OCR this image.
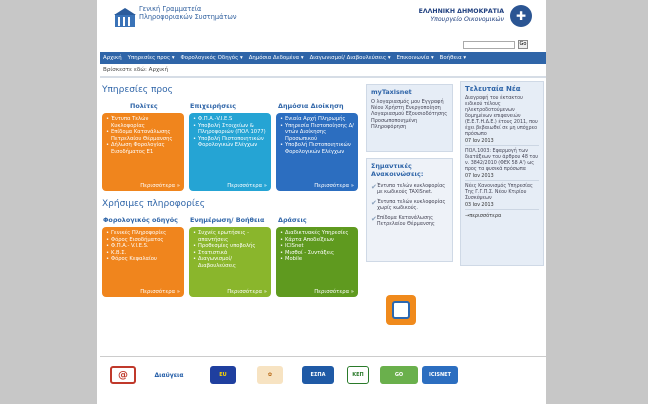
Γενική Γραμματεία
Πληροφοριακών Συστημάτων
ΕΛΛΗΝΙΚΗ ΔΗΜΟΚΡΑΤΙΑ
Υπουργείο Οικονομικών ✚
Go
Αρχική Υπηρεσίες προς ▾ Φορολογικός Οδηγός ▾ Δημόσια Δεδομένα ▾ Διαγωνισμοί/ Διαβουλεύσεις ▾ Επικοινωνία ▾ Βοήθεια ▾
Βρίσκεστε εδώ: Αρχική
Υπηρεσίες προς
Πολίτες
• Έντυπα Τελών Κυκλοφορίας
• Επίδομα Κατανάλωσης Πετρελαίου Θέρμανσης
• Δήλωση Φορολογίας Εισοδήματος Ε1
Περισσότερα »
Επιχειρήσεις
• Φ.Π.Α.-V.I.E.S
• Υποβολή Στοιχείων & Πληροφοριών (ΠΟΛ 1077)
• Υποβολή Πιστοποιητικών Φορολογικών Ελέγχων
Περισσότερα »
Δημόσια Διοίκηση
• Ενιαία Αρχή Πληρωμής
• Υπηρεσία Πιστοποίησης Δ/ντών Διοίκησης Προσωπικού
• Υποβολή Πιστοποιητικών Φορολογικών Ελέγχων
Περισσότερα »
Χρήσιμες πληροφορίες
Φορολογικός οδηγός
• Γενικές Πληροφορίες
• Φόρος Εισοδήματος
• Φ.Π.Α.- V.I.E.S.
• Κ.Β.Σ.
• Φόρος Κεφαλαίου
Περισσότερα »
Ενημέρωση/ Βοήθεια
• Συχνές ερωτήσεις - απαντήσεις
• Προθεσμίες υποβολής
• Στατιστικά
• Διαγωνισμοί/ Διαβουλεύσεις
Περισσότερα »
Δράσεις
• Διαδικτυακές Υπηρεσίες
• Κάρτα Αποδείξεων
• ICISnet
• Μισθοί - Συντάξεις
• Mobile
Περισσότερα »
myTaxisnet
Ο λογαριασμός μου Εγγραφή Νέου Χρήστη Ενεργοποίηση Λογαριασμού Εξουσιοδότησης Προσωποποιημένη Πληροφόρηση
Σημαντικές Ανακοινώσεις:
✔ Έντυπα τελών κυκλοφορίας με κωδικούς TAXISnet.
✔ Έντυπα τελών κυκλοφορίας χωρίς κωδικούς.
✔ Επίδομα Κατανάλωσης Πετρελαίου Θέρμανσης
Τελευταία Νέα
Διαγραφή του έκτακτου ειδικού τέλους ηλεκτροδοτούμενων δομημένων επιφανειών (Ε.Ε.Τ.Η.Δ.Ε.) έτους 2011, που έχει βεβαιωθεί σε μη υπόχρεο πρόσωπο
07 Ιαν 2013
ΠΟΛ.1003: Εφαρμογή των διατάξεων του άρθρου 48 του ν. 3842/2010 (ΦΕΚ 58 Α') ως προς τα φυσικά πρόσωπα
07 Ιαν 2013
Νέες Κανονισμός Υπηρεσίας Της Γ.Γ.Π.Σ. Νέου Κτιρίου Συσκέψεων
03 Ιαν 2013
→περισσότερα
@	Διαύγεια	EU	✿	ΕΣΠΑ	ΚΕΠ	GO	ICISNET
